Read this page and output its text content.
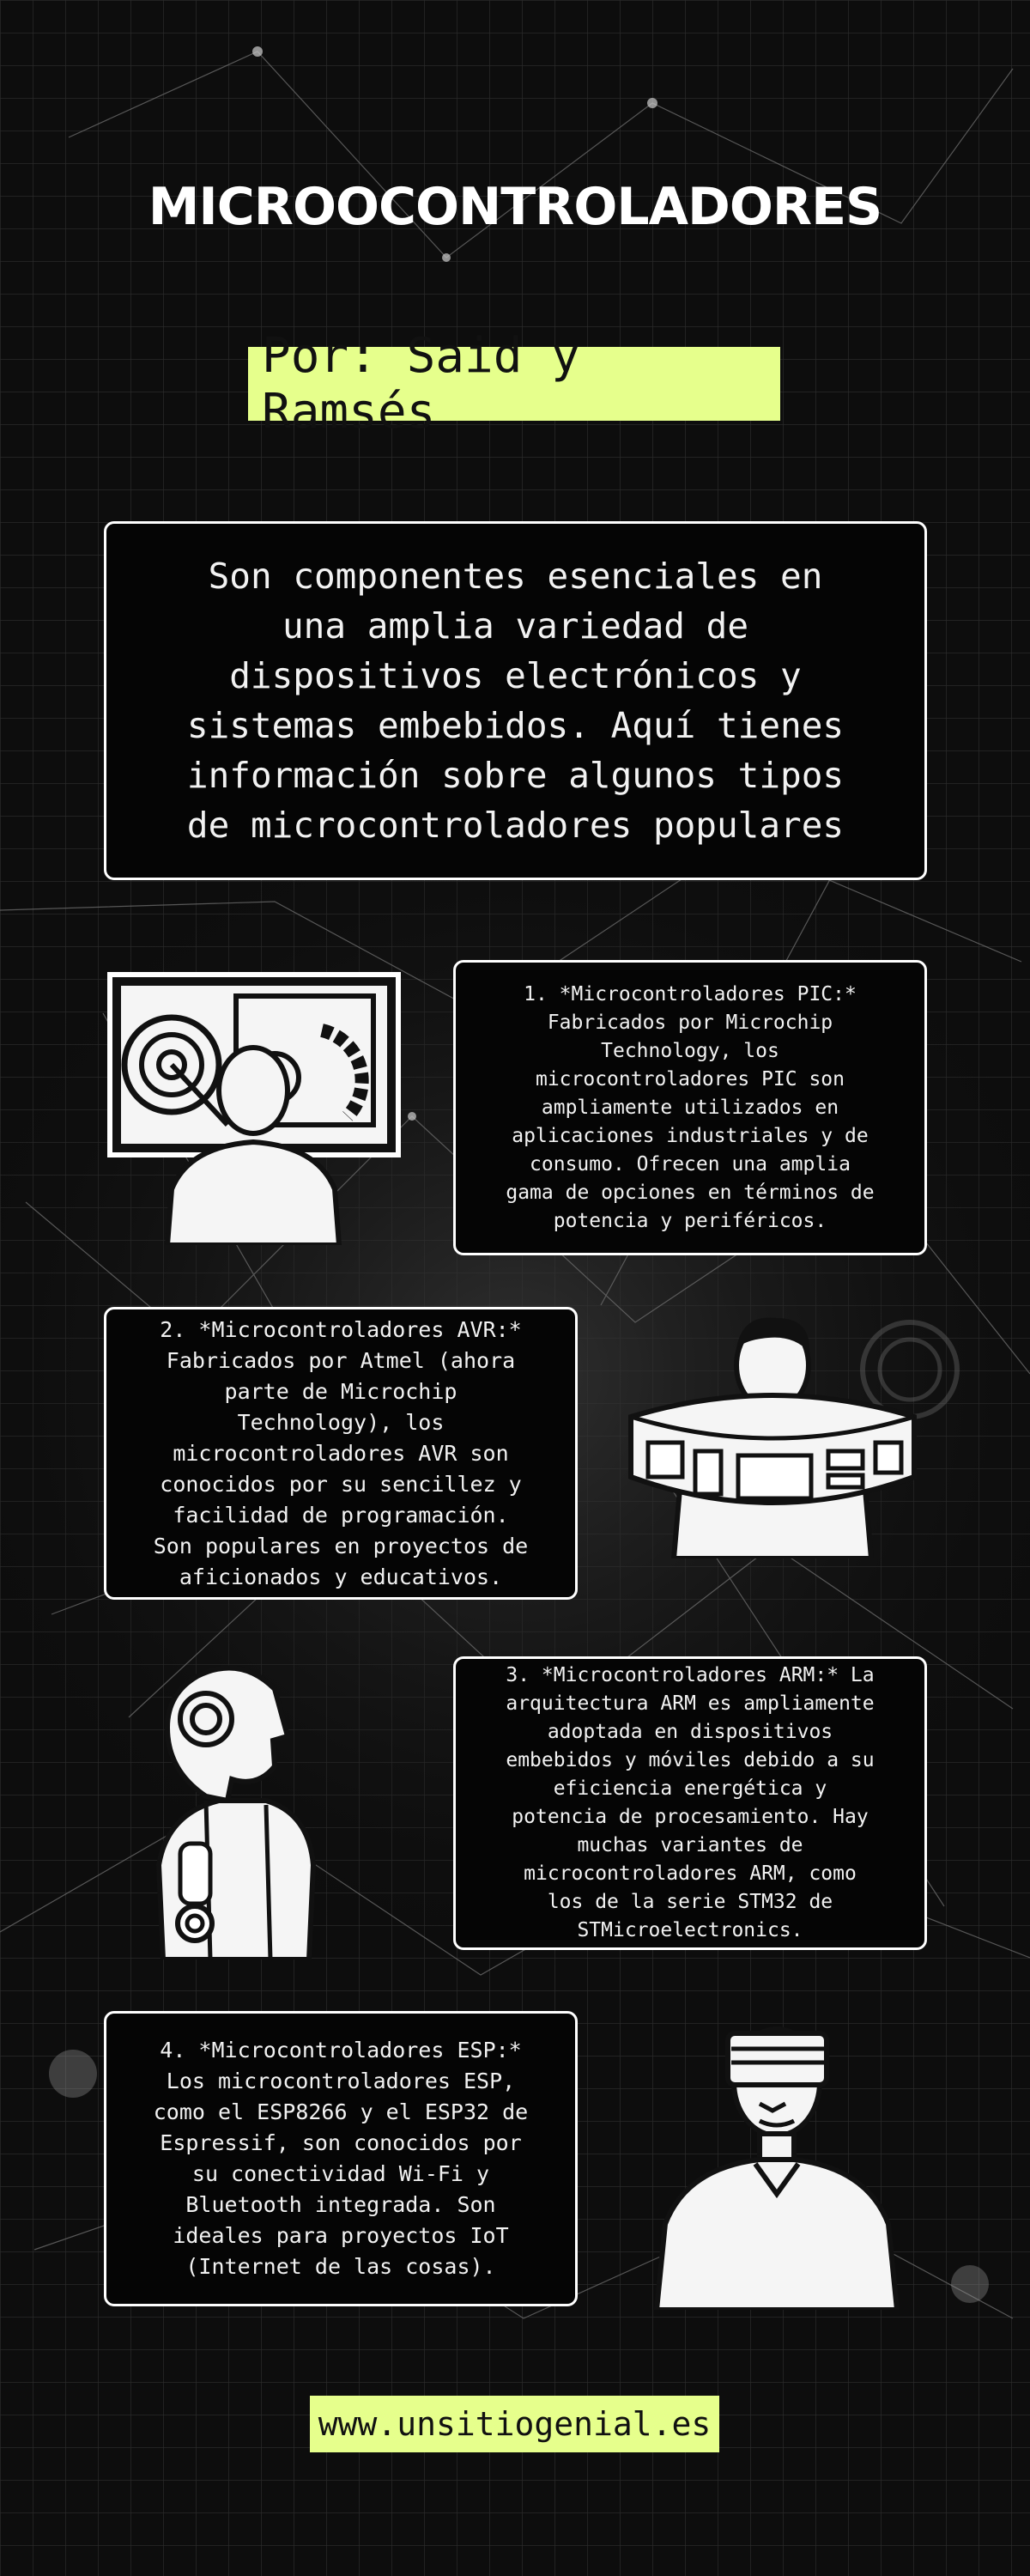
MICROOCONTROLADORES
Por: Said y Ramsés
Son componentes esenciales en
una amplia variedad de
dispositivos electrónicos y
sistemas embebidos. Aquí tienes
información sobre algunos tipos
de microcontroladores populares
1. *Microcontroladores PIC:*
Fabricados por Microchip
Technology, los
microcontroladores PIC son
ampliamente utilizados en
aplicaciones industriales y de
consumo. Ofrecen una amplia
gama de opciones en términos de
potencia y periféricos.
2. *Microcontroladores AVR:*
Fabricados por Atmel (ahora
parte de Microchip
Technology), los
microcontroladores AVR son
conocidos por su sencillez y
facilidad de programación.
Son populares en proyectos de
aficionados y educativos.
3. *Microcontroladores ARM:* La
arquitectura ARM es ampliamente
adoptada en dispositivos
embebidos y móviles debido a su
eficiencia energética y
potencia de procesamiento. Hay
muchas variantes de
microcontroladores ARM, como
los de la serie STM32 de
STMicroelectronics.
4. *Microcontroladores ESP:*
Los microcontroladores ESP,
como el ESP8266 y el ESP32 de
Espressif, son conocidos por
su conectividad Wi-Fi y
Bluetooth integrada. Son
ideales para proyectos IoT
(Internet de las cosas).
www.unsitiogenial.es
